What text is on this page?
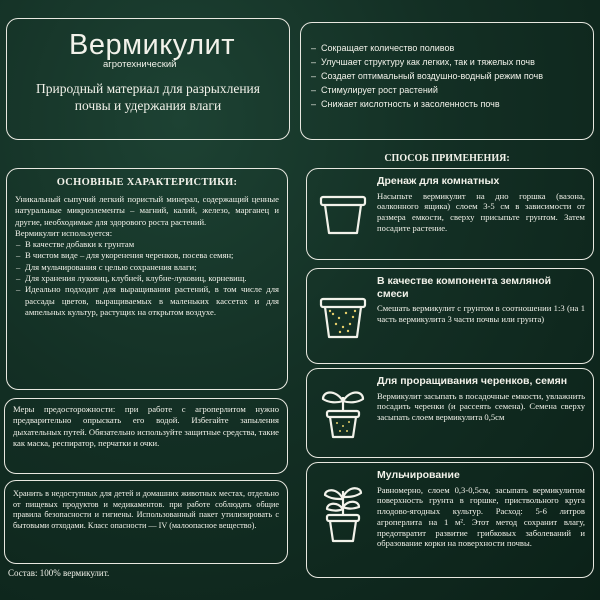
Вермикулит
агротехнический
Природный материал для разрыхления
почвы и удержания влаги
– Сокращает количество поливов
– Улучшает структуру как легких, так и тяжелых почв
– Создает оптимальный воздушно-водный режим почв
– Стимулирует рост растений
– Снижает кислотность и засоленность почв
ОСНОВНЫЕ ХАРАКТЕРИСТИКИ:
Уникальный сыпучий легкий пористый минерал, содержащий ценные натуральные микроэлементы – магний, калий, железо, марганец и другие, необходимые для здорового роста растений.
Вермикулит используется:
– В качестве добавки к грунтам
– В чистом виде – для укоренения черенков, посева семян;
– Для мульчирования с целью сохранения влаги;
– Для хранения луковиц, клубней, клубне-луковиц, корневищ.
– Идеально подходит для выращивания растений, в том числе для рассады цветов, выращиваемых в маленьких кассетах и для ампельных культур, растущих на открытом воздухе.
Меры предосторожности: при работе с агроперлитом нужно предварительно опрыскать его водой. Избегайте запыления дыхательных путей. Обязательно используйте защитные средства, такие как маска, респиратор, перчатки и очки.
Хранить в недоступных для детей и домашних животных местах, отдельно от пищевых продуктов и медикаментов. при работе соблюдать общие правила безопасности и гигиены. Использованный пакет утилизировать с бытовыми отходами. Класс опасности — IV (малоопасное вещество).
Состав: 100% вермикулит.
СПОСОБ ПРИМЕНЕНИЯ:
Дренаж для комнатных
Насыпьте вермикулит на дно горшка (вазона, оалконного ящика) слоем 3-5 см в зависимости от размера емкости, сверху присыпьте грунтом. Затем посадите растение.
В качестве компонента земляной смеси
Смешать вермикулит с грунтом в соотношении 1:3 (на 1 часть вермикулита 3 части почвы или грунта)
Для проращивания черенков, семян
Вермикулит засыпать в посадочные емкости, увлажнить посадить черенки (и рассеять семена). Семена сверху засыпать слоем вермикулита 0,5см
Мульчирование
Равномерно, слоем 0,3-0,5см, засыпать вермикулитом поверхность грунта в горшке, приствольного круга плодово-ягодных культур. Расход: 5-6 литров агроперлита на 1 м². Этот метод сохранит влагу, предотвратит развитие грибковых заболеваний и образование корки на поверхности почвы.
